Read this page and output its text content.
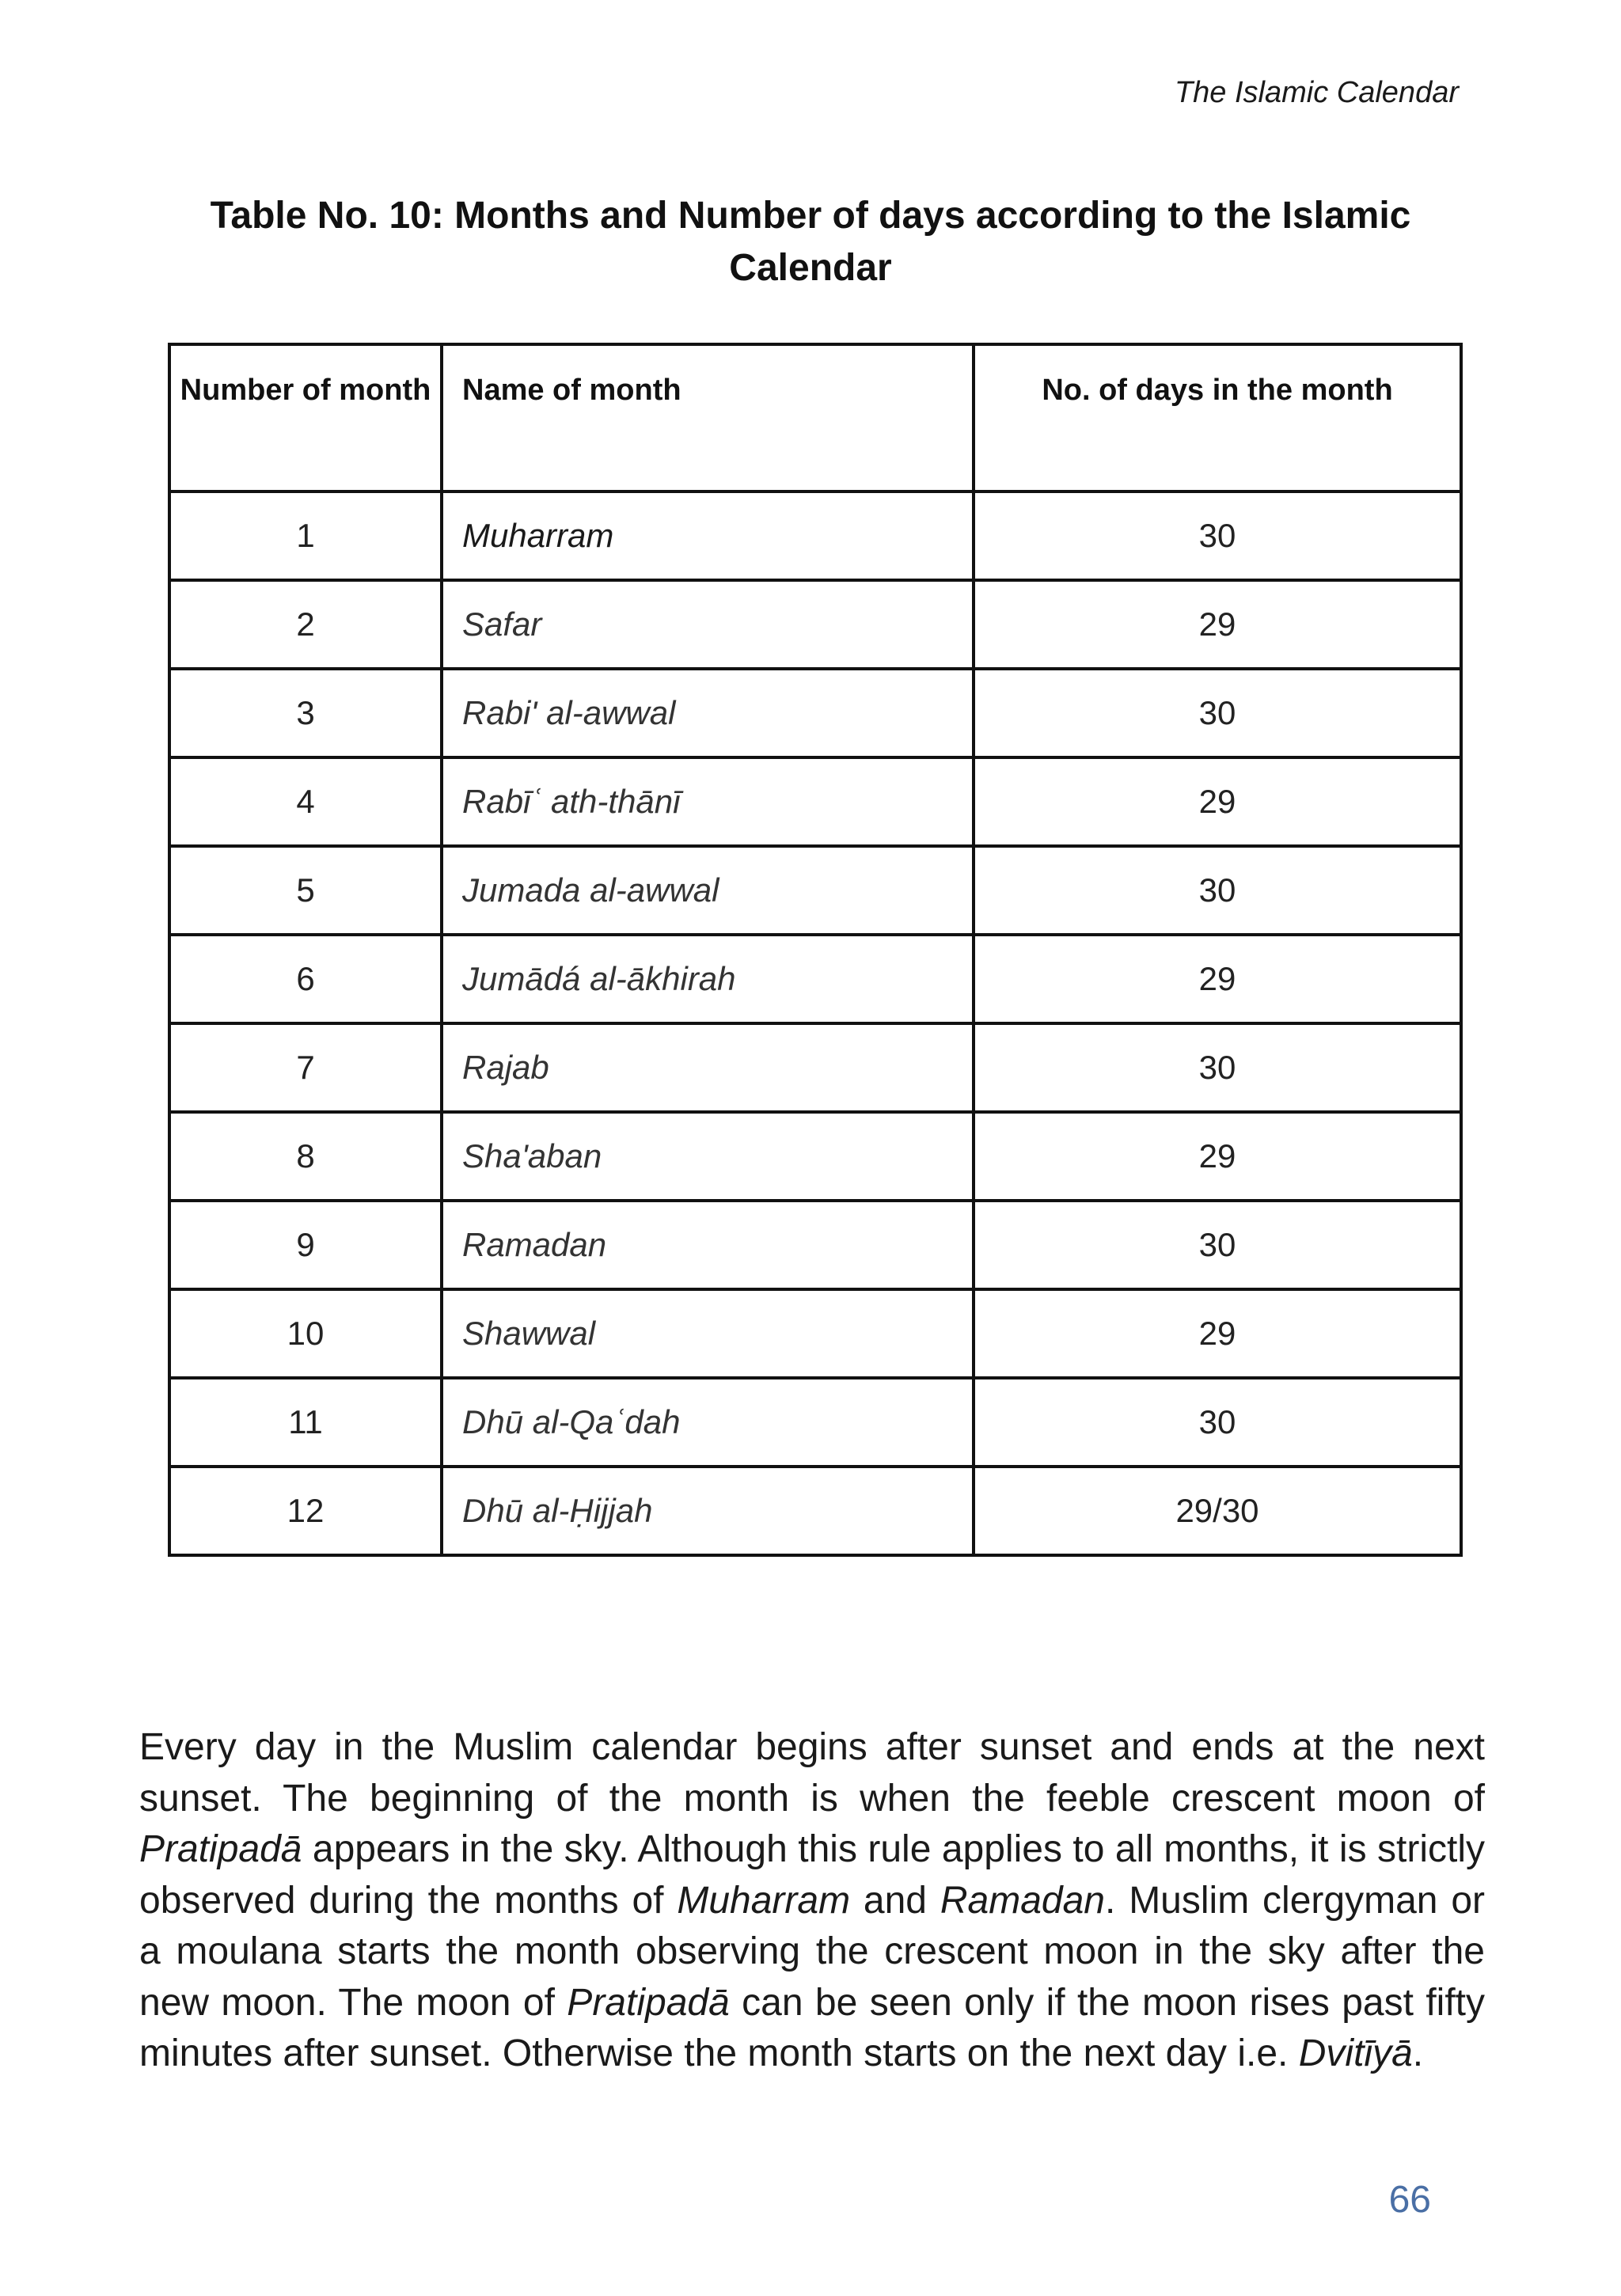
The Islamic Calendar
Table No. 10: Months and Number of days according to the Islamic Calendar
Number of month	Name of month	No. of days in the month
1	Muharram	30
2	Safar	29
3	Rabi' al-awwal	30
4	Rabīʿ ath-thānī	29
5	Jumada al-awwal	30
6	Jumādá al-ākhirah	29
7	Rajab	30
8	Sha'aban	29
9	Ramadan	30
10	Shawwal	29
11	Dhū al-Qaʿdah	30
12	Dhū al-Ḥijjah	29/30

Every day in the Muslim calendar begins after sunset and ends at the next sunset. The beginning of the month is when the feeble crescent moon of Pratipadā appears in the sky. Although this rule applies to all months, it is strictly observed during the months of Muharram and Ramadan. Muslim clergyman or a moulana starts the month observing the crescent moon in the sky after the new moon. The moon of Pratipadā can be seen only if the moon rises past fifty minutes after sunset. Otherwise the month starts on the next day i.e. Dvitīyā.

66
